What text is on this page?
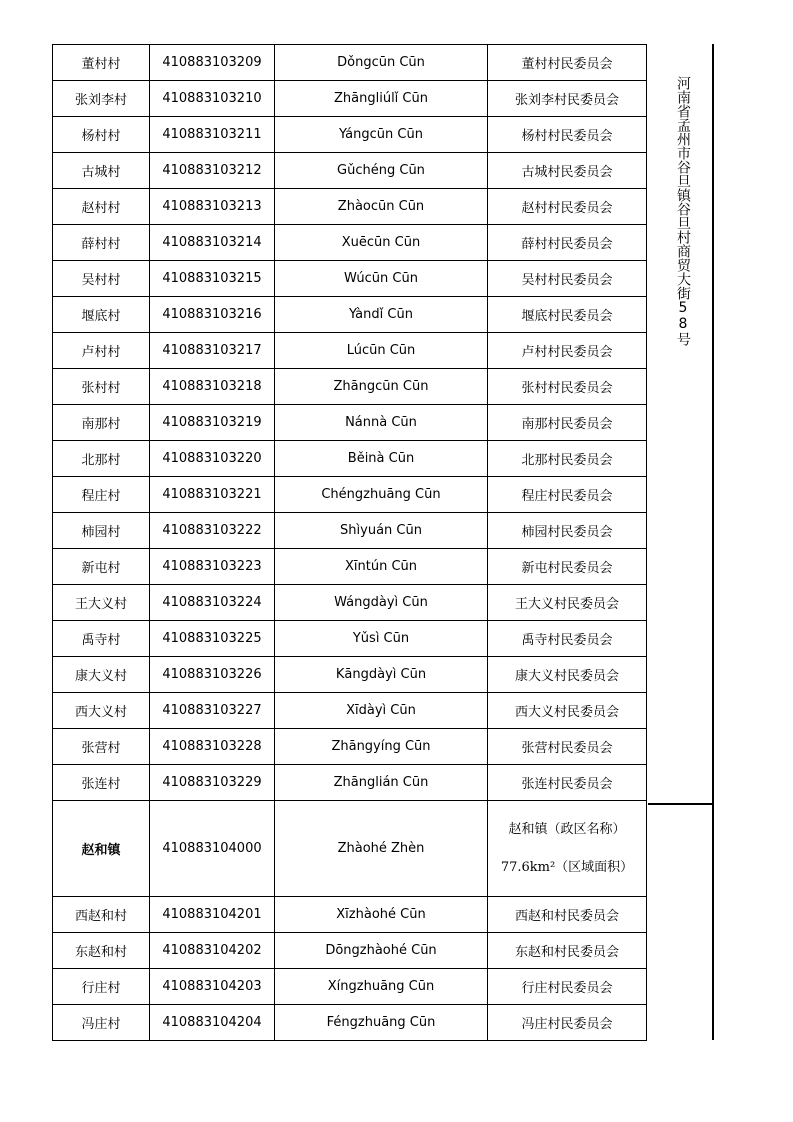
董村村	410883103209	Dǒngcūn Cūn	董村村民委员会
张刘李村	410883103210	Zhāngliúlǐ Cūn	张刘李村民委员会
杨村村	410883103211	Yángcūn Cūn	杨村村民委员会
古城村	410883103212	Gǔchéng Cūn	古城村民委员会
赵村村	410883103213	Zhàocūn Cūn	赵村村民委员会
薛村村	410883103214	Xuēcūn Cūn	薛村村民委员会
吴村村	410883103215	Wúcūn Cūn	吴村村民委员会
堰底村	410883103216	Yàndǐ Cūn	堰底村民委员会
卢村村	410883103217	Lúcūn Cūn	卢村村民委员会
张村村	410883103218	Zhāngcūn Cūn	张村村民委员会
南那村	410883103219	Nánnà Cūn	南那村民委员会
北那村	410883103220	Běinà Cūn	北那村民委员会
程庄村	410883103221	Chéngzhuāng Cūn	程庄村民委员会
柿园村	410883103222	Shìyuán Cūn	柿园村民委员会
新屯村	410883103223	Xīntún Cūn	新屯村民委员会
王大义村	410883103224	Wángdàyì Cūn	王大义村民委员会
禹寺村	410883103225	Yǔsì Cūn	禹寺村民委员会
康大义村	410883103226	Kāngdàyì Cūn	康大义村民委员会
西大义村	410883103227	Xīdàyì Cūn	西大义村民委员会
张营村	410883103228	Zhāngyíng Cūn	张营村民委员会
张连村	410883103229	Zhānglián Cūn	张连村民委员会
赵和镇	410883104000	Zhàohé Zhèn	赵和镇（政区名称）
77.6km²（区域面积）

西赵和村	410883104201	Xīzhàohé Cūn	西赵和村民委员会
东赵和村	410883104202	Dōngzhàohé Cūn	东赵和村民委员会
行庄村	410883104203	Xíngzhuāng Cūn	行庄村民委员会
冯庄村	410883104204	Féngzhuāng Cūn	冯庄村民委员会
河南省孟州市谷旦镇谷旦村商贸大街58号
